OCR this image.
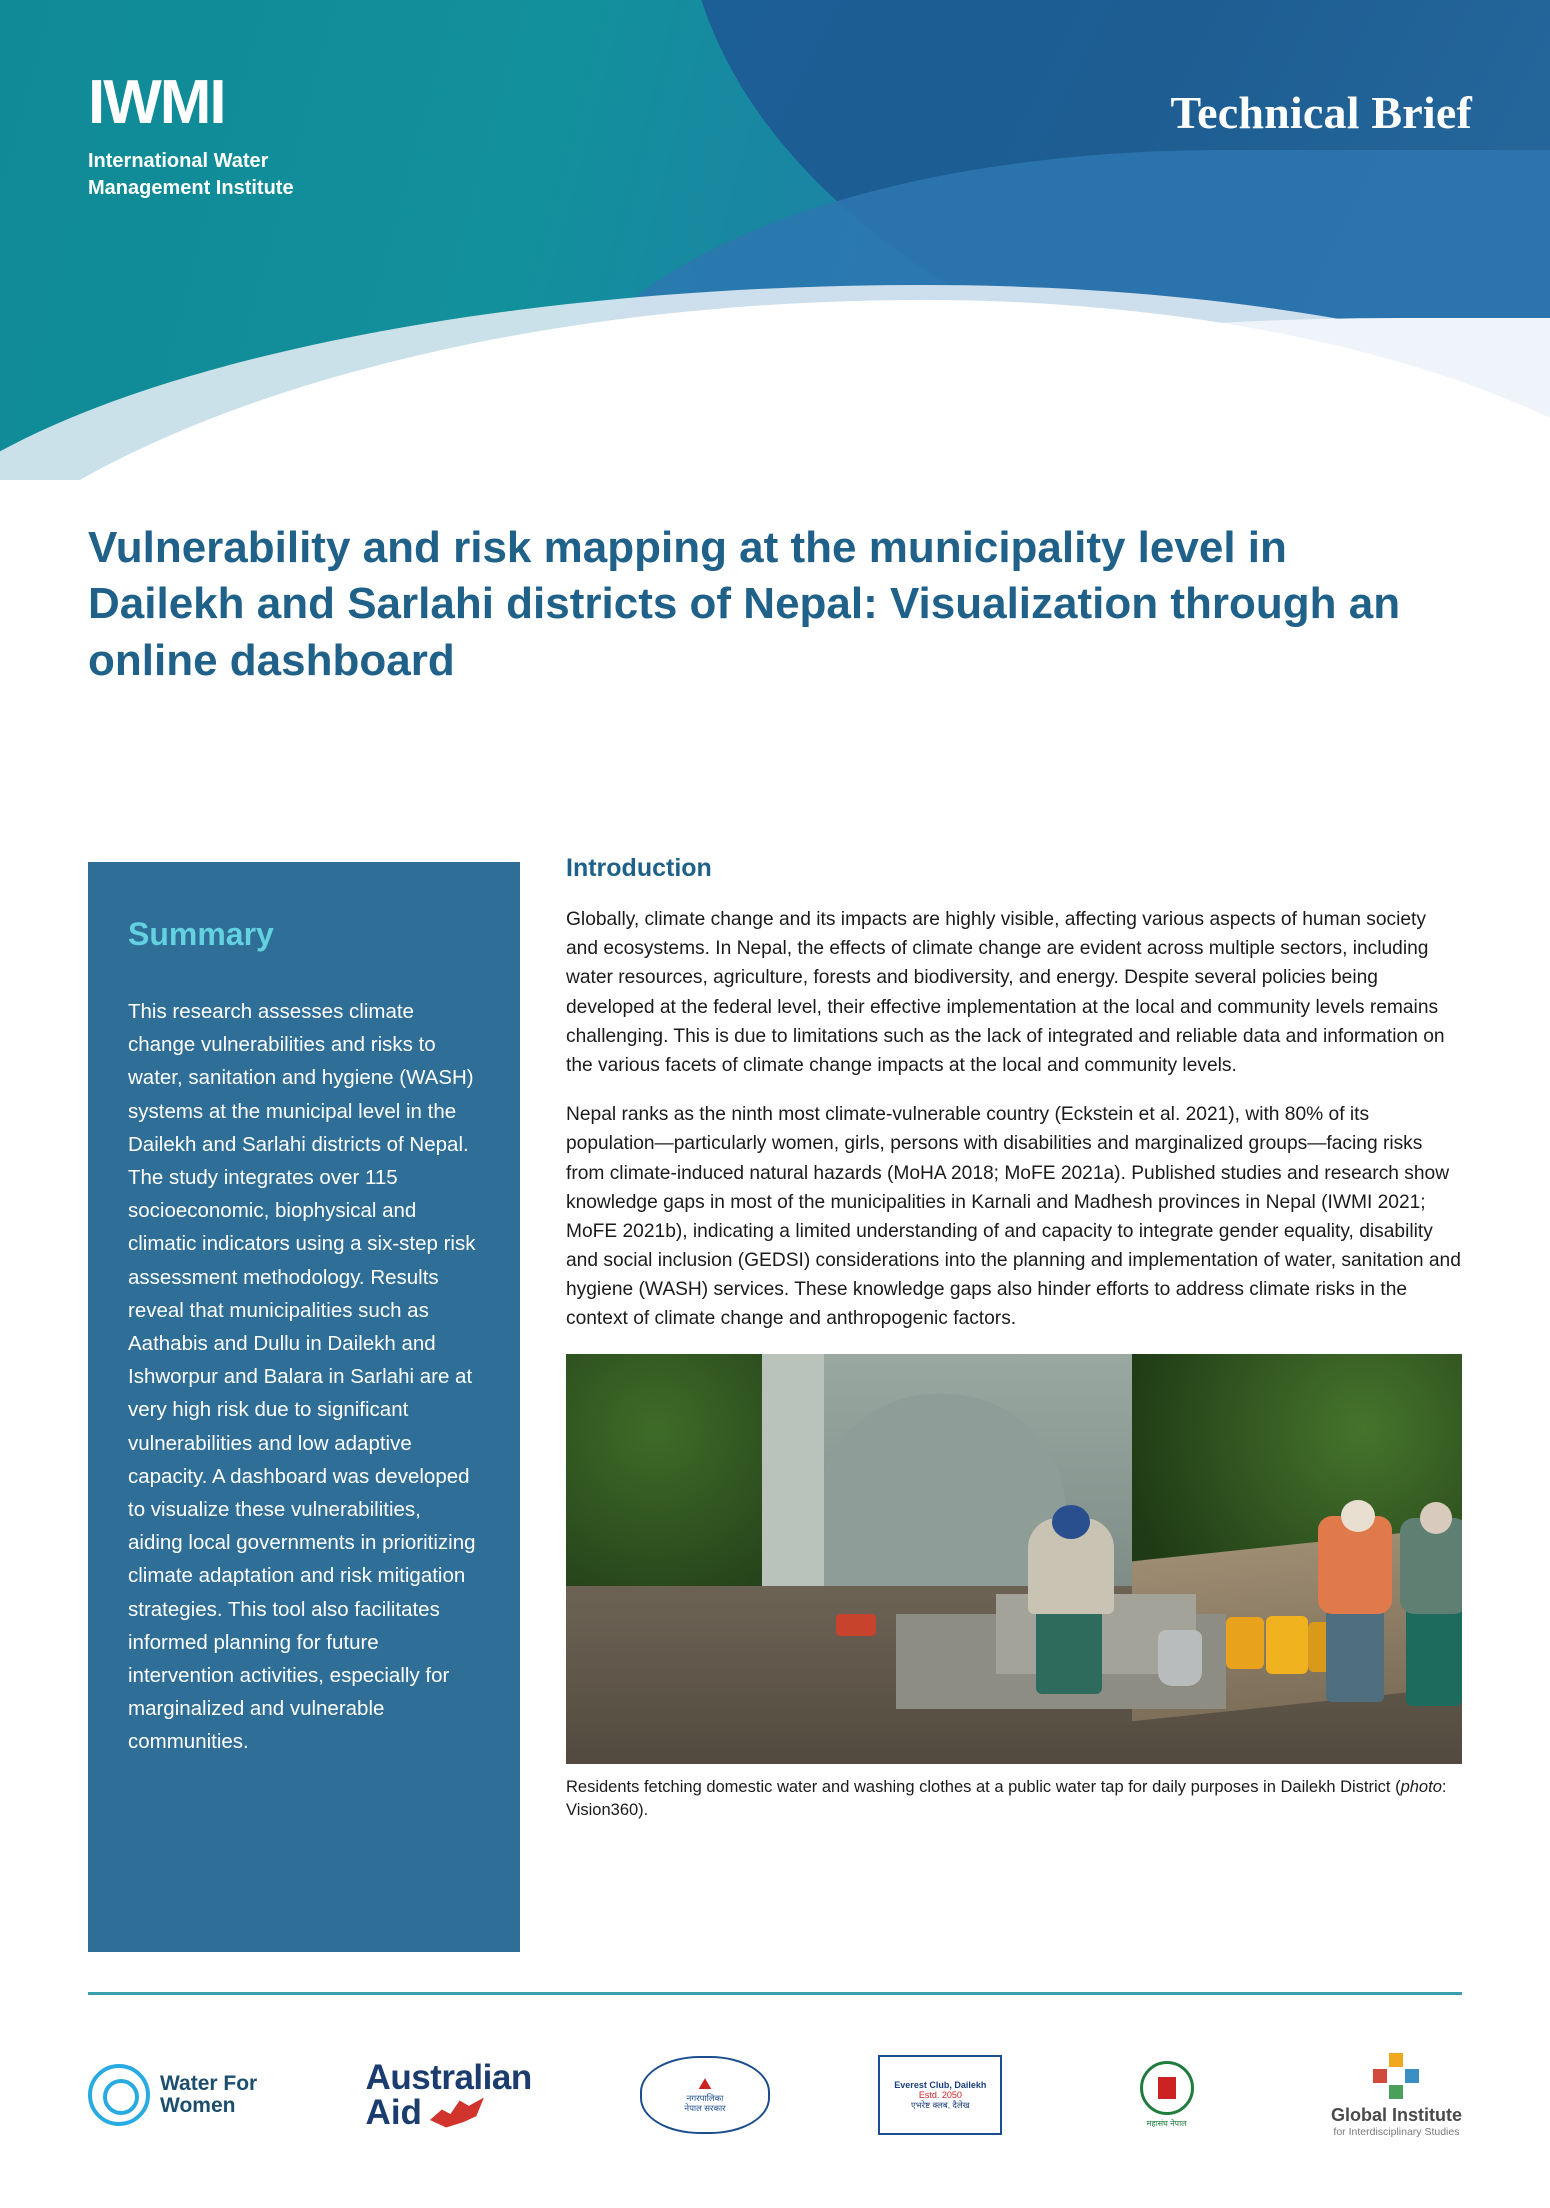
IWMI
International Water
Management Institute
Technical Brief
Vulnerability and risk mapping at the municipality level in Dailekh and Sarlahi districts of Nepal: Visualization through an online dashboard
Summary

This research assesses climate change vulnerabilities and risks to water, sanitation and hygiene (WASH) systems at the municipal level in the Dailekh and Sarlahi districts of Nepal. The study integrates over 115 socioeconomic, biophysical and climatic indicators using a six-step risk assessment methodology. Results reveal that municipalities such as Aathabis and Dullu in Dailekh and Ishworpur and Balara in Sarlahi are at very high risk due to significant vulnerabilities and low adaptive capacity. A dashboard was developed to visualize these vulnerabilities, aiding local governments in prioritizing climate adaptation and risk mitigation strategies. This tool also facilitates informed planning for future intervention activities, especially for marginalized and vulnerable communities.

Introduction

Globally, climate change and its impacts are highly visible, affecting various aspects of human society and ecosystems. In Nepal, the effects of climate change are evident across multiple sectors, including water resources, agriculture, forests and biodiversity, and energy. Despite several policies being developed at the federal level, their effective implementation at the local and community levels remains challenging. This is due to limitations such as the lack of integrated and reliable data and information on the various facets of climate change impacts at the local and community levels.

Nepal ranks as the ninth most climate-vulnerable country (Eckstein et al. 2021), with 80% of its population—particularly women, girls, persons with disabilities and marginalized groups—facing risks from climate-induced natural hazards (MoHA 2018; MoFE 2021a). Published studies and research show knowledge gaps in most of the municipalities in Karnali and Madhesh provinces in Nepal (IWMI 2021; MoFE 2021b), indicating a limited understanding of and capacity to integrate gender equality, disability and social inclusion (GEDSI) considerations into the planning and implementation of water, sanitation and hygiene (WASH) services. These knowledge gaps also hinder efforts to address climate risks in the context of climate change and anthropogenic factors.

Residents fetching domestic water and washing clothes at a public water tap for daily purposes in Dailekh District (photo: Vision360).
Water For
Women
Australian
Aid
⛰
नगरपालिका
नेपाल सरकार
Everest Club, Dailekh
Estd. 2050
एभरेष्ट क्लब, दैलेख
महासंघ नेपाल	Global Institute
for Interdisciplinary Studies
